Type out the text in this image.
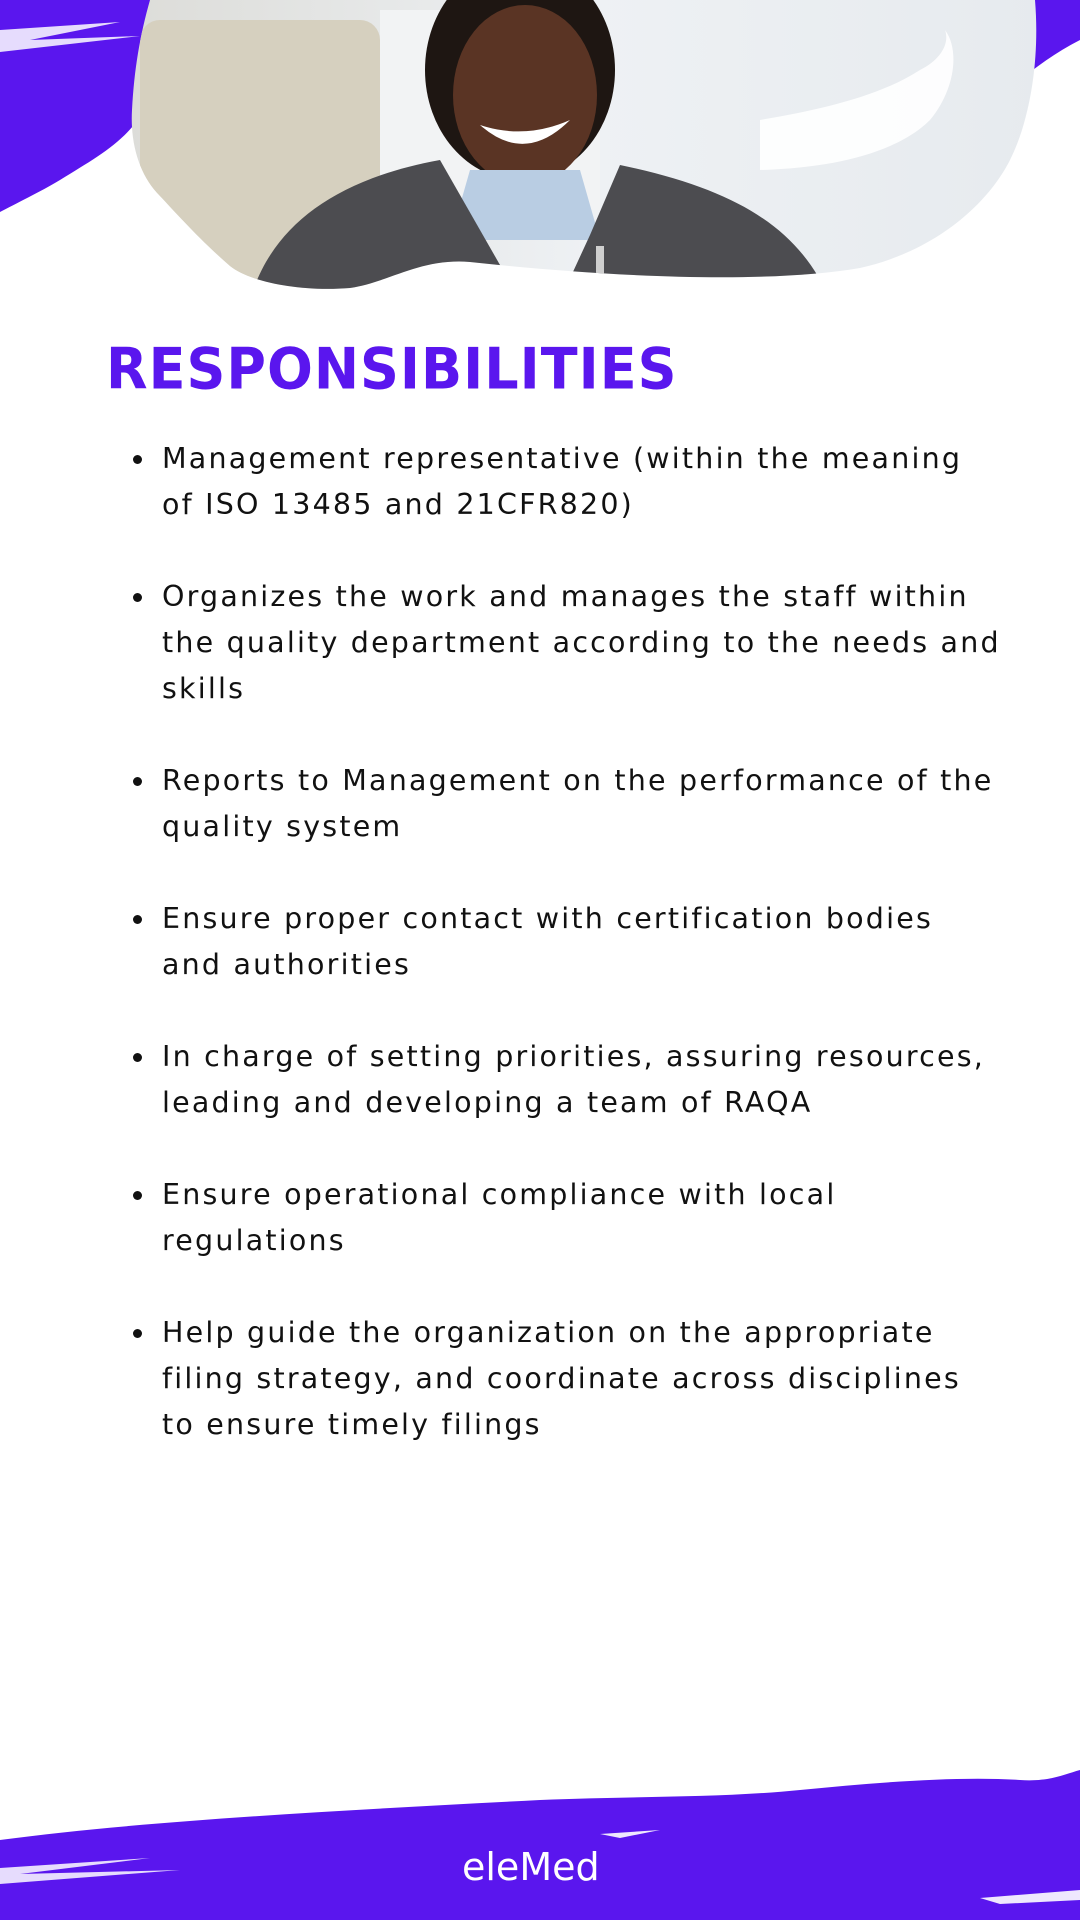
RESPONSIBILITIES
Management representative (within the meaning of ISO 13485 and 21CFR820)
Organizes the work and manages the staff within the quality department according to the needs and skills
Reports to Management on the performance of the quality system
Ensure proper contact with certification bodies and authorities
In charge of setting priorities, assuring resources, leading and developing a team of RAQA
Ensure operational compliance with local regulations
Help guide the organization on the appropriate filing strategy, and coordinate across disciplines to ensure timely filings
eleMed
